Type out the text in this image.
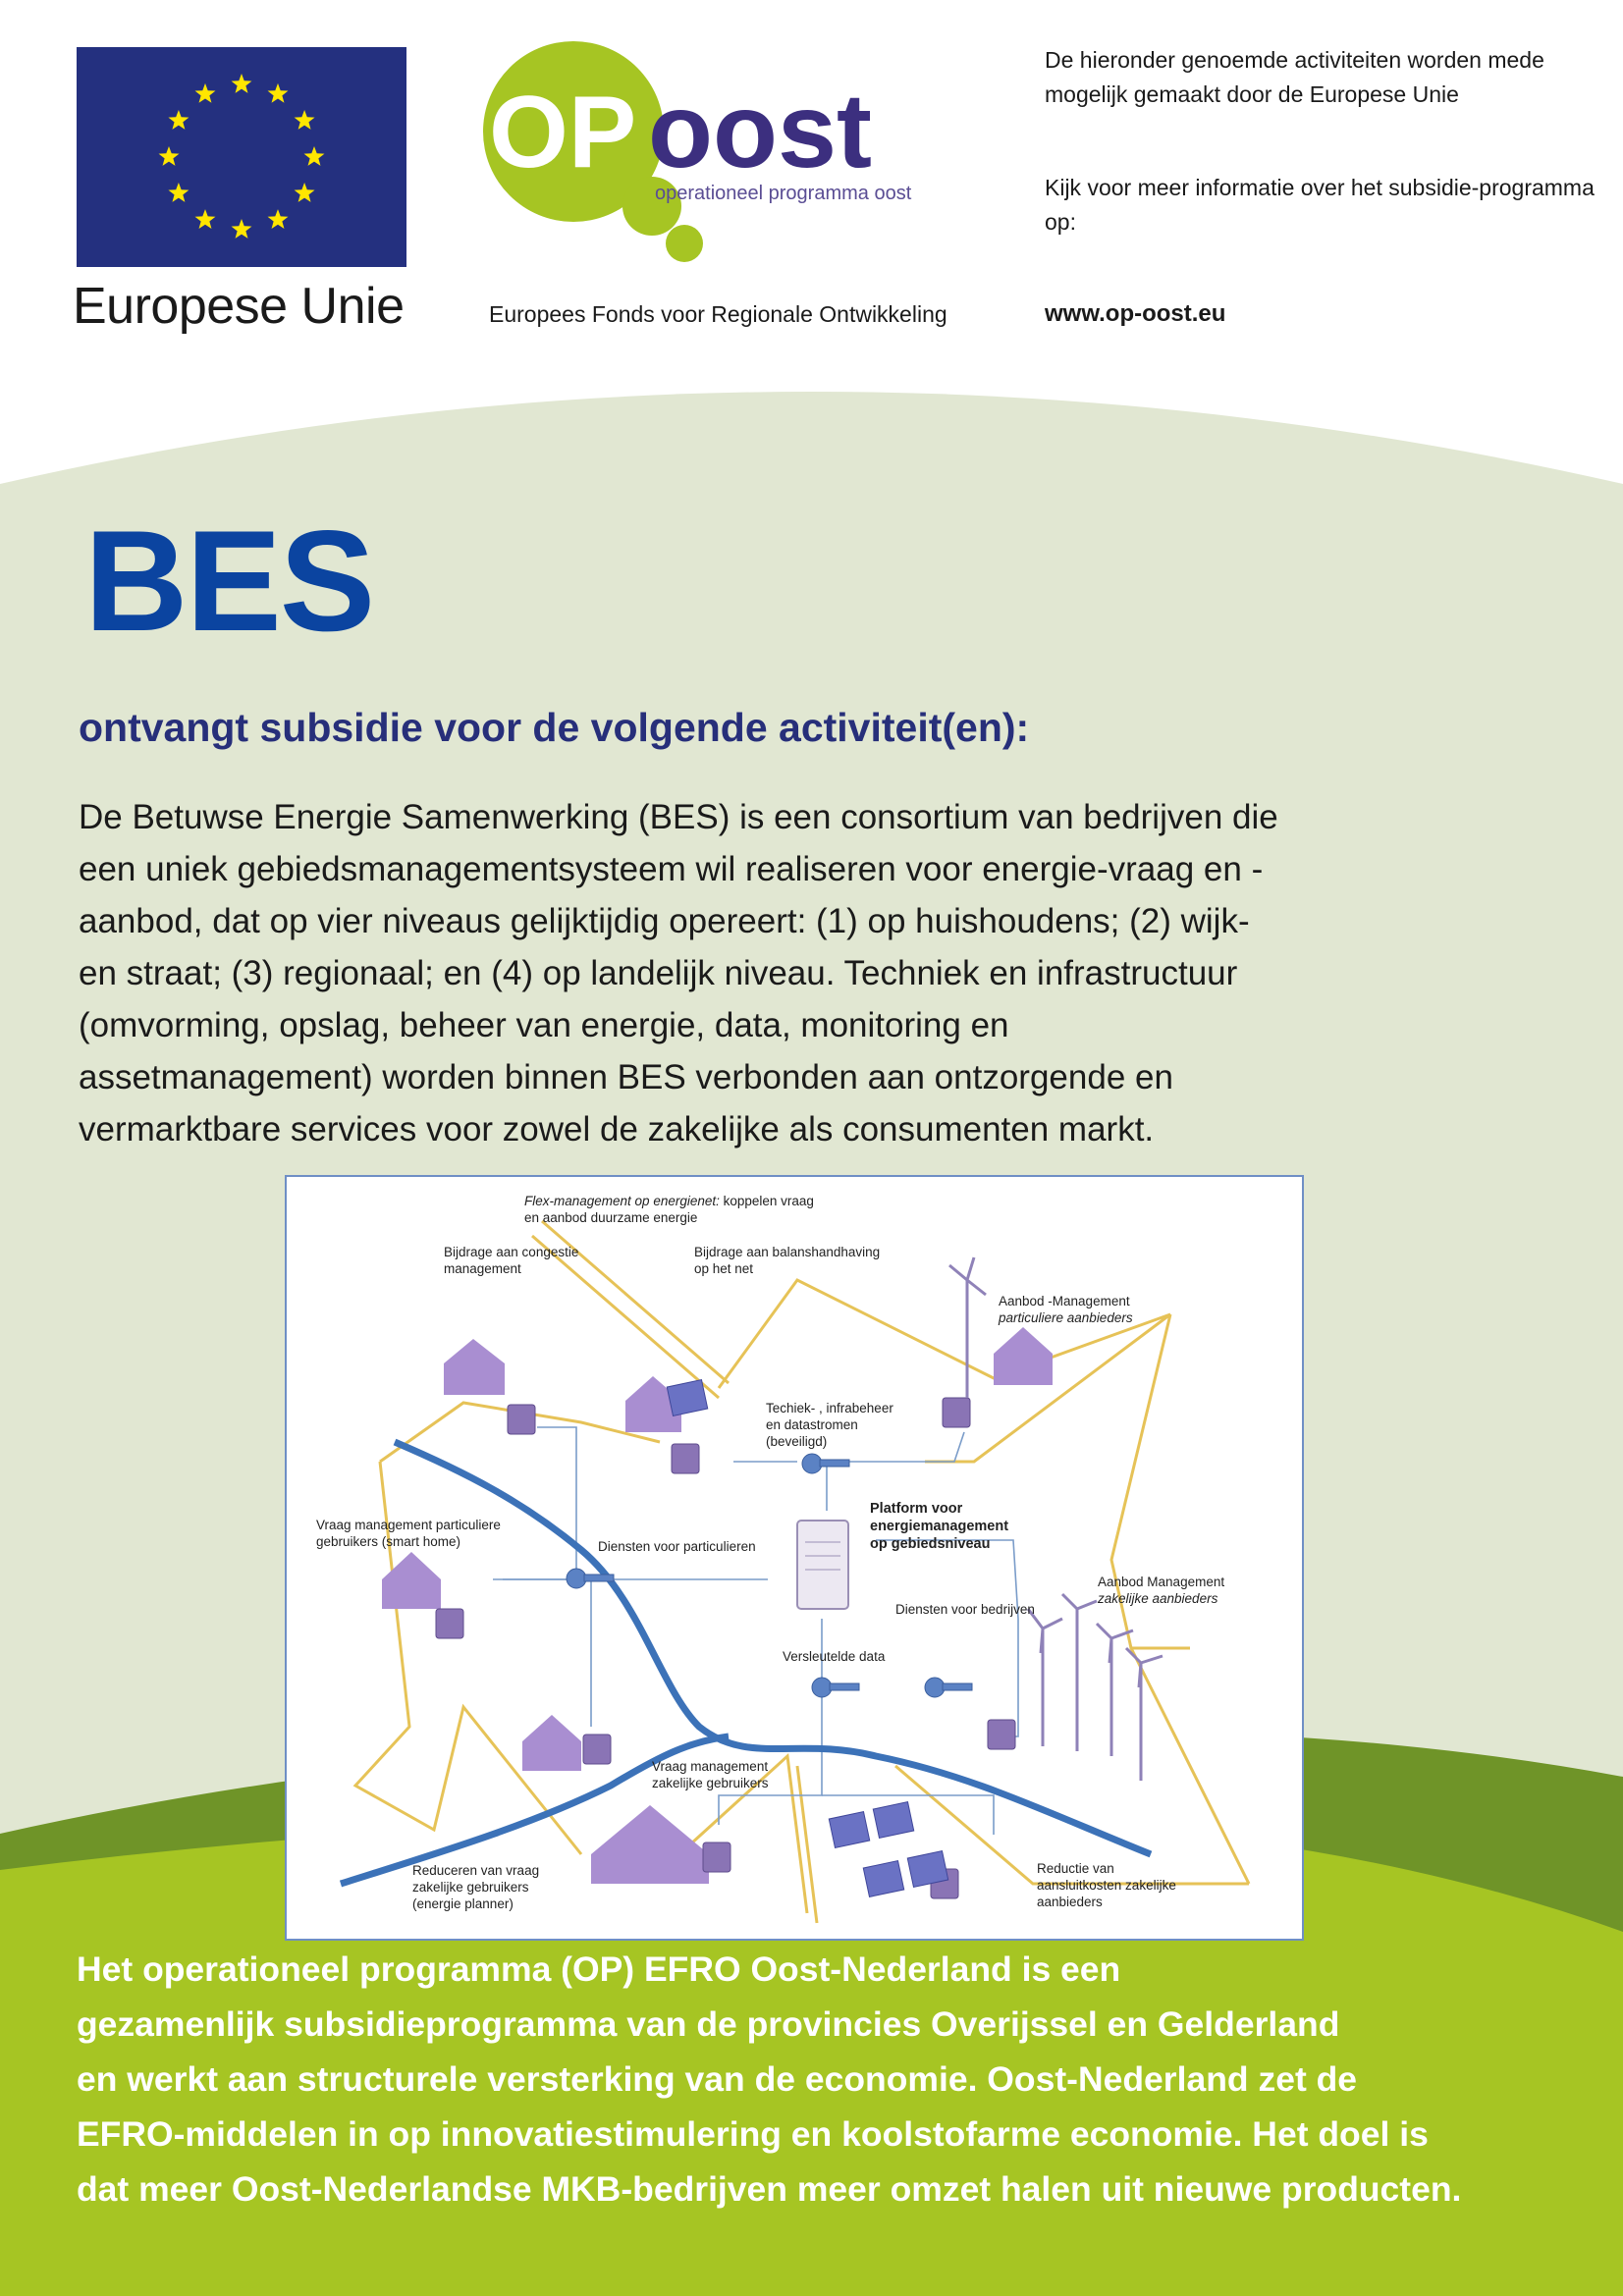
Europese Unie
OP oost
operationeel programma oost
Europees Fonds voor Regionale Ontwikkeling
De hieronder genoemde activiteiten worden mede mogelijk gemaakt door de Europese Unie
Kijk voor meer informatie over het subsidie-programma op:
www.op-oost.eu
BES
ontvangt subsidie voor de volgende activiteit(en):
De Betuwse Energie Samenwerking (BES) is een consortium van bedrijven die
een uniek gebiedsmanagementsysteem wil realiseren voor energie-vraag en -
aanbod, dat op vier niveaus gelijktijdig opereert: (1) op huishoudens; (2) wijk-
en straat; (3) regionaal; en (4) op landelijk niveau. Techniek en infrastructuur
(omvorming, opslag, beheer van energie, data, monitoring en
assetmanagement) worden binnen BES verbonden aan ontzorgende en
vermarktbare services voor zowel de zakelijke als consumenten markt.
Flex-management op energienet: koppelen vraag
en aanbod duurzame energie
Bijdrage aan congestie
management
Bijdrage aan balanshandhaving
op het net
Aanbod -Management
particuliere aanbieders
Techiek- , infrabeheer
en datastromen
(beveiligd)
Platform voor
energiemanagement
op gebiedsniveau
Vraag management particuliere
gebruikers (smart home)	Diensten voor particulieren
Aanbod Management
zakelijke aanbieders
Diensten voor bedrijven
Versleutelde data
Vraag management
zakelijke gebruikers
Reduceren van vraag
zakelijke gebruikers
(energie planner)
Reductie van
aansluitkosten zakelijke
aanbieders
Het operationeel programma (OP) EFRO Oost-Nederland is een
gezamenlijk subsidieprogramma van de provincies Overijssel en Gelderland
en werkt aan structurele versterking van de economie. Oost-Nederland zet de
EFRO-middelen in op innovatiestimulering en koolstofarme economie. Het doel is
dat meer Oost-Nederlandse MKB-bedrijven meer omzet halen uit nieuwe producten.
